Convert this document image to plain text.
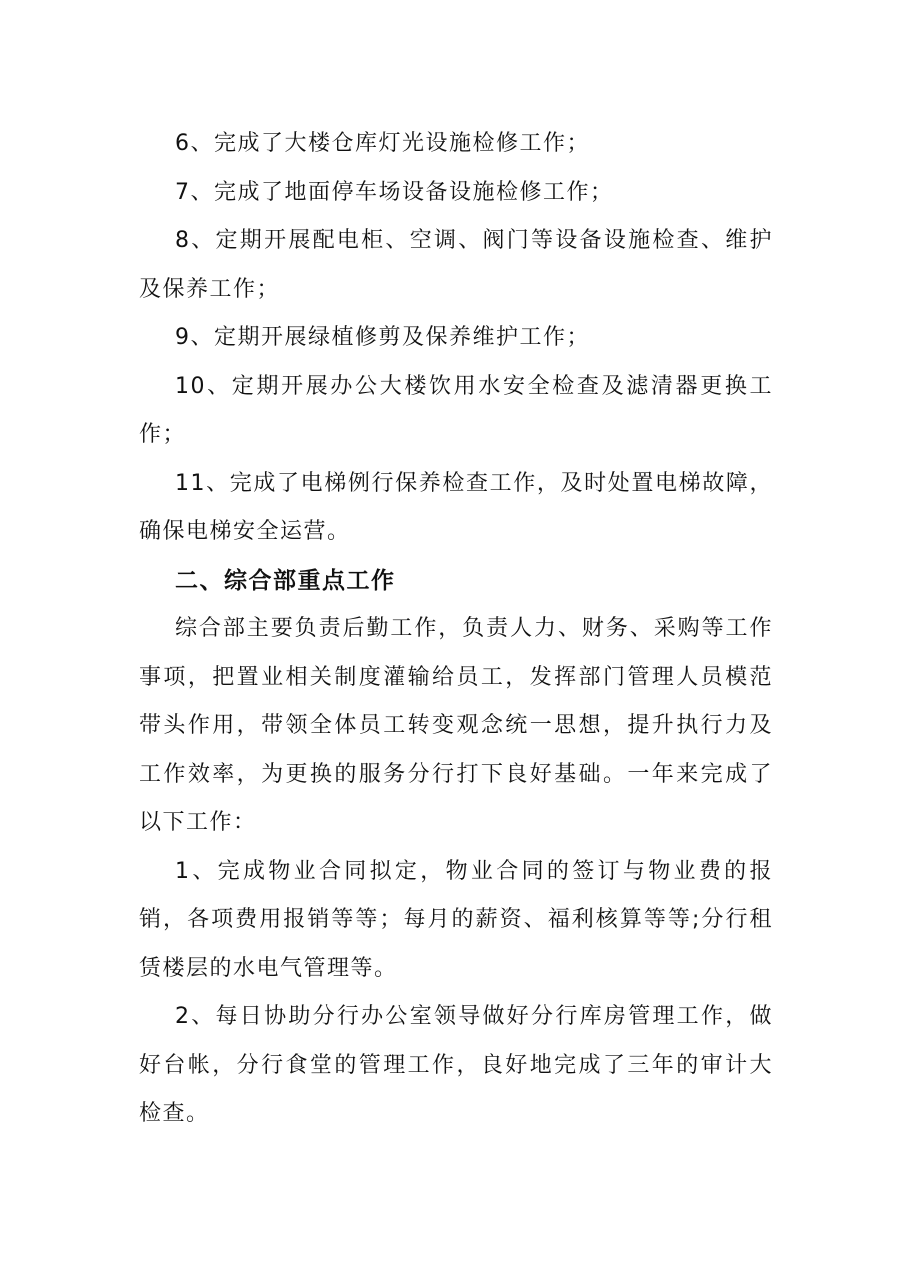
6、完成了大楼仓库灯光设施检修工作；

7、完成了地面停车场设备设施检修工作；

8、定期开展配电柜、空调、阀门等设备设施检查、维护及保养工作；

9、定期开展绿植修剪及保养维护工作；

10、定期开展办公大楼饮用水安全检查及滤清器更换工作；

11、完成了电梯例行保养检查工作，及时处置电梯故障，确保电梯安全运营。

二、综合部重点工作

综合部主要负责后勤工作，负责人力、财务、采购等工作事项，把置业相关制度灌输给员工，发挥部门管理人员模范带头作用，带领全体员工转变观念统一思想，提升执行力及工作效率，为更换的服务分行打下良好基础。一年来完成了以下工作：

1、完成物业合同拟定，物业合同的签订与物业费的报销，各项费用报销等等；每月的薪资、福利核算等等;分行租赁楼层的水电气管理等。

2、每日协助分行办公室领导做好分行库房管理工作，做好台帐，分行食堂的管理工作，良好地完成了三年的审计大检查。
